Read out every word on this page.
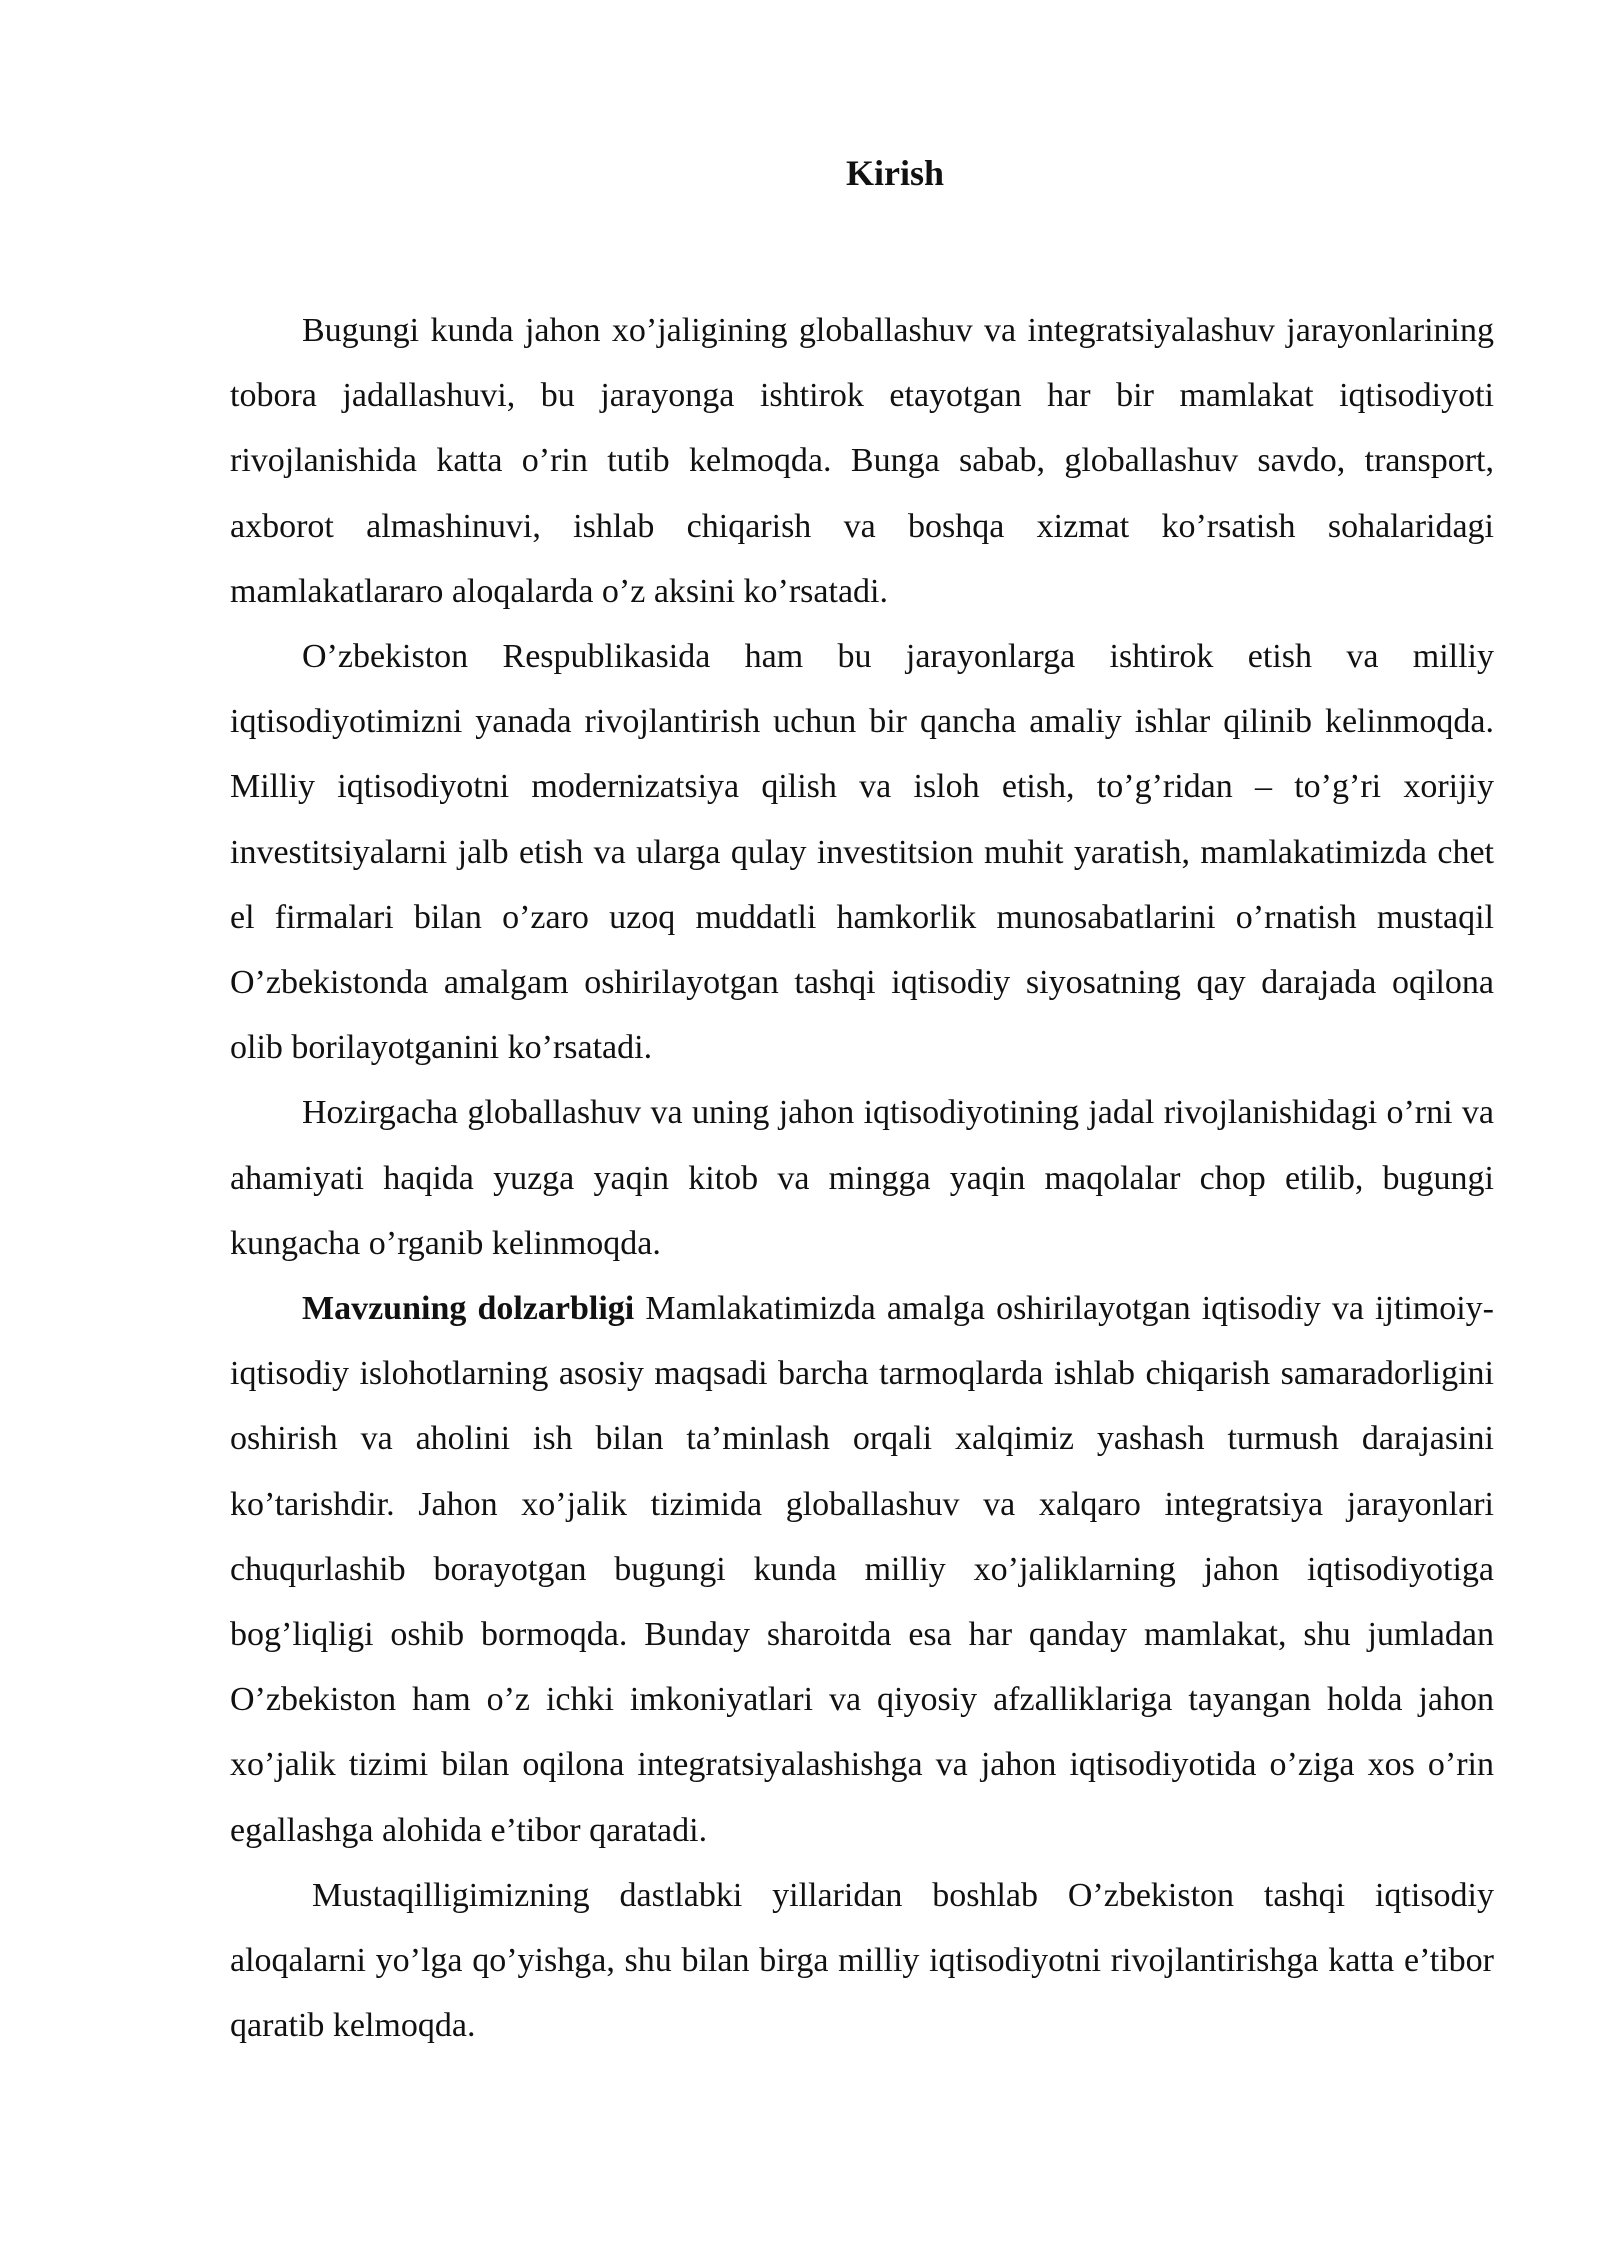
Kirish

Bugungi kunda jahon xo’jaligining globallashuv va integratsiyalashuv jarayonlarining tobora jadallashuvi, bu jarayonga ishtirok etayotgan har bir mamlakat iqtisodiyoti rivojlanishida katta o’rin tutib kelmoqda. Bunga sabab, globallashuv savdo, transport, axborot almashinuvi, ishlab chiqarish va boshqa xizmat ko’rsatish sohalaridagi mamlakatlararo aloqalarda o’z aksini ko’rsatadi.

O’zbekiston Respublikasida ham bu jarayonlarga ishtirok etish va milliy iqtisodiyotimizni yanada rivojlantirish uchun bir qancha amaliy ishlar qilinib kelinmoqda. Milliy iqtisodiyotni modernizatsiya qilish va isloh etish, to’g’ridan – to’g’ri xorijiy investitsiyalarni jalb etish va ularga qulay investitsion muhit yaratish, mamlakatimizda chet el firmalari bilan o’zaro uzoq muddatli hamkorlik munosabatlarini o’rnatish mustaqil O’zbekistonda amalgam oshirilayotgan tashqi iqtisodiy siyosatning qay darajada oqilona olib borilayotganini ko’rsatadi.

Hozirgacha globallashuv va uning jahon iqtisodiyotining jadal rivojlanishidagi o’rni va ahamiyati haqida yuzga yaqin kitob va mingga yaqin maqolalar chop etilib, bugungi kungacha o’rganib kelinmoqda.

Mavzuning dolzarbligi Mamlakatimizda amalga oshirilayotgan iqtisodiy va ijtimoiy-iqtisodiy islohotlarning asosiy maqsadi barcha tarmoqlarda ishlab chiqarish samaradorligini oshirish va aholini ish bilan ta’minlash orqali xalqimiz yashash turmush darajasini ko’tarishdir. Jahon xo’jalik tizimida globallashuv va xalqaro integratsiya jarayonlari chuqurlashib borayotgan bugungi kunda milliy xo’jaliklarning jahon iqtisodiyotiga bog’liqligi oshib bormoqda. Bunday sharoitda esa har qanday mamlakat, shu jumladan O’zbekiston ham o’z ichki imkoniyatlari va qiyosiy afzalliklariga tayangan holda jahon xo’jalik tizimi bilan oqilona integratsiyalashishga va jahon iqtisodiyotida o’ziga xos o’rin egallashga alohida e’tibor qaratadi.

Mustaqilligimizning dastlabki yillaridan boshlab O’zbekiston tashqi iqtisodiy aloqalarni yo’lga qo’yishga, shu bilan birga milliy iqtisodiyotni rivojlantirishga katta e’tibor qaratib kelmoqda.
